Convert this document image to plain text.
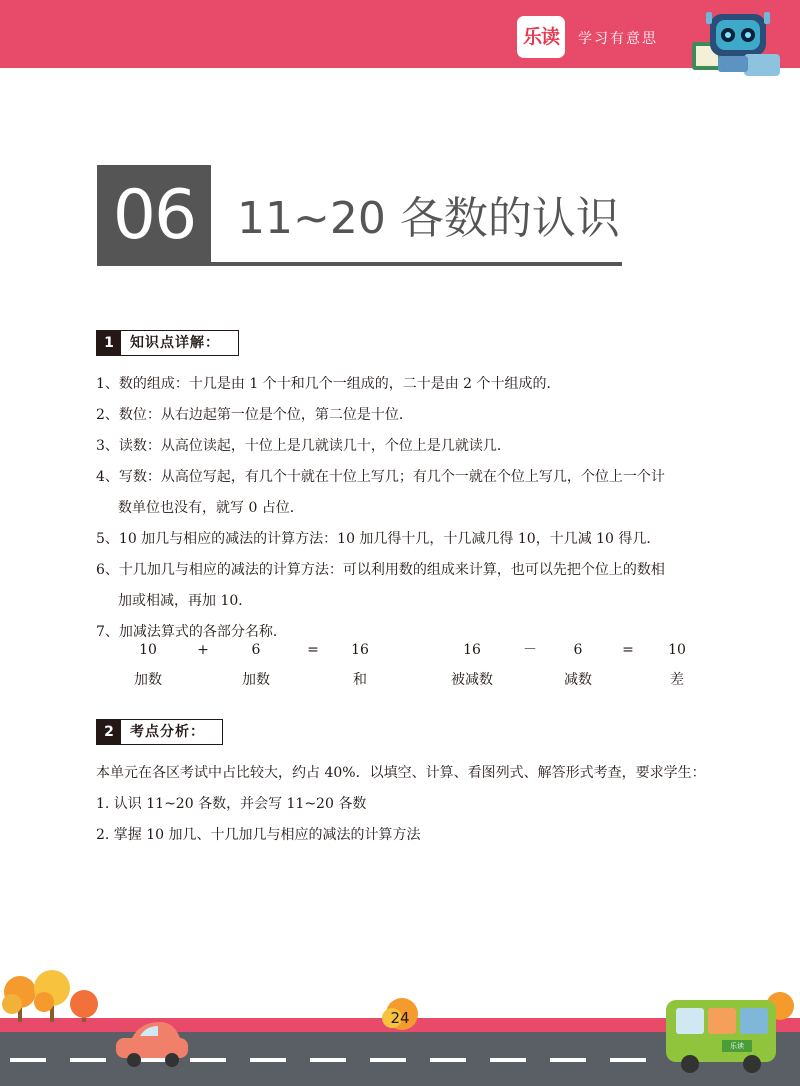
乐读	学习有意思
06 11~20 各数的认识
1	知识点详解：
1、数的组成：十几是由 1 个十和几个一组成的，二十是由 2 个十组成的．
2、数位：从右边起第一位是个位，第二位是十位．
3、读数：从高位读起，十位上是几就读几十，个位上是几就读几．
4、写数：从高位写起，有几个十就在十位上写几；有几个一就在个位上写几，个位上一个计
数单位也没有，就写 0 占位．
5、10 加几与相应的减法的计算方法：10 加几得十几，十几减几得 10，十几减 10 得几．
6、十几加几与相应的减法的计算方法：可以利用数的组成来计算，也可以先把个位上的数相
加或相减，再加 10．
7、加减法算式的各部分名称．
10	+	6	=	16	16	－	6	=	10
加数	加数	和	被减数	减数	差
2	考点分析：
本单元在各区考试中占比较大，约占 40%．以填空、计算、看图列式、解答形式考查，要求学生：
1. 认识 11~20 各数，并会写 11~20 各数
2. 掌握 10 加几、十几加几与相应的减法的计算方法
乐读
24
